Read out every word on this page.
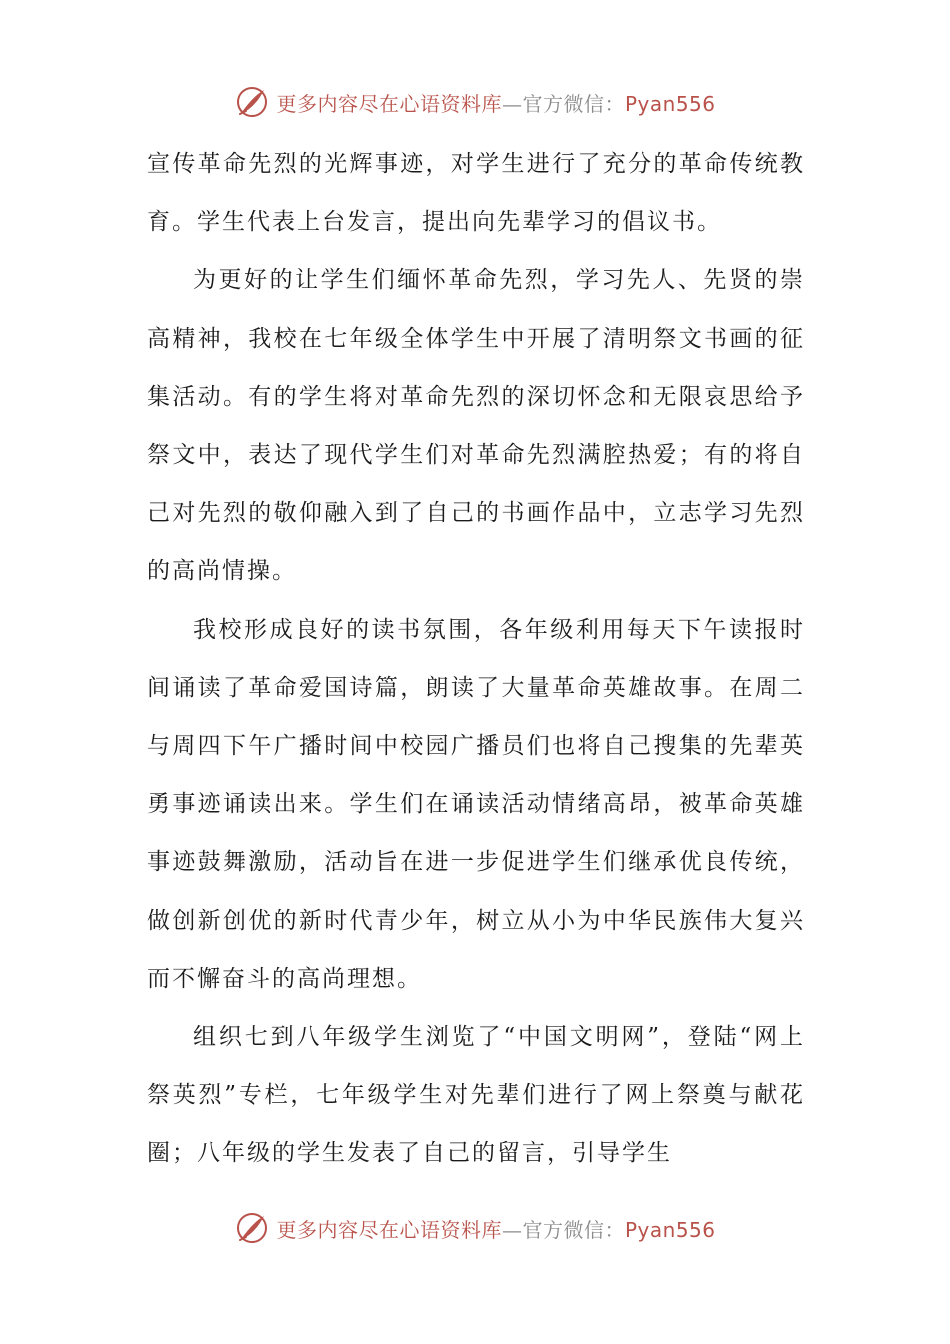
更多内容尽在心语资料库—官方微信：Pyan556

宣传革命先烈的光辉事迹，对学生进行了充分的革命传统教育。学生代表上台发言，提出向先辈学习的倡议书。

为更好的让学生们缅怀革命先烈，学习先人、先贤的崇高精神，我校在七年级全体学生中开展了清明祭文书画的征集活动。有的学生将对革命先烈的深切怀念和无限哀思给予祭文中，表达了现代学生们对革命先烈满腔热爱；有的将自己对先烈的敬仰融入到了自己的书画作品中，立志学习先烈的高尚情操。

我校形成良好的读书氛围，各年级利用每天下午读报时间诵读了革命爱国诗篇，朗读了大量革命英雄故事。在周二与周四下午广播时间中校园广播员们也将自己搜集的先辈英勇事迹诵读出来。学生们在诵读活动情绪高昂，被革命英雄事迹鼓舞激励，活动旨在进一步促进学生们继承优良传统，做创新创优的新时代青少年，树立从小为中华民族伟大复兴而不懈奋斗的高尚理想。

组织七到八年级学生浏览了“中国文明网”，登陆“网上祭英烈”专栏，七年级学生对先辈们进行了网上祭奠与献花圈；八年级的学生发表了自己的留言，引导学生

更多内容尽在心语资料库—官方微信：Pyan556
